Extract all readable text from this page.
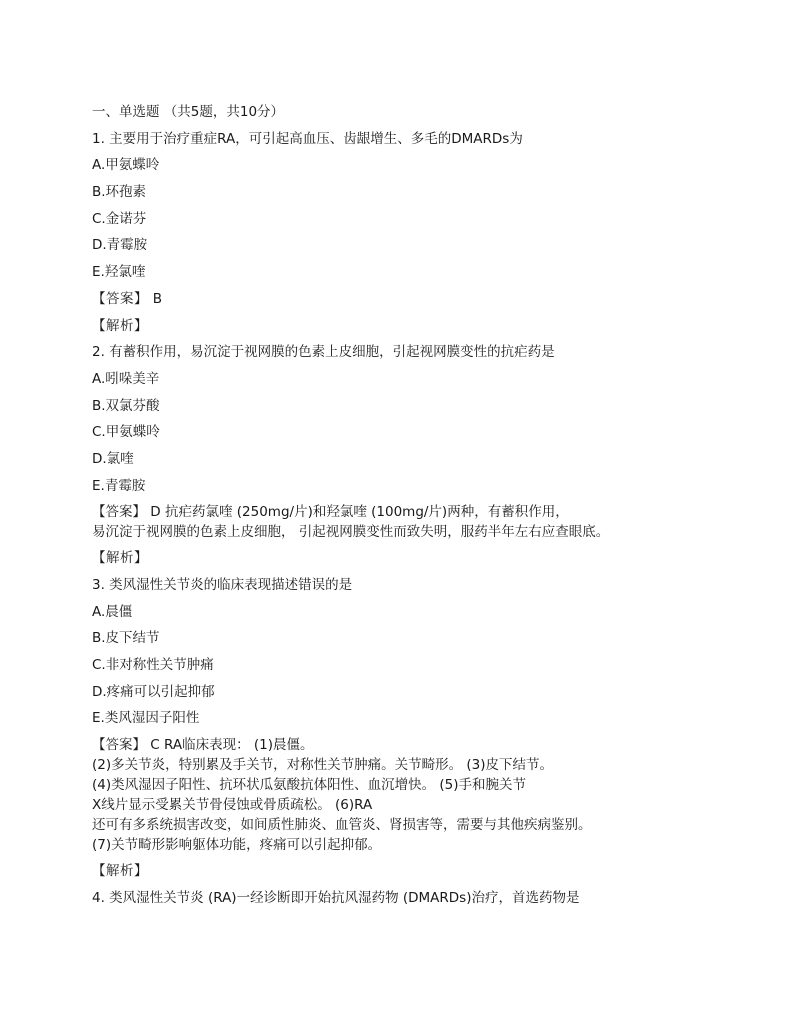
一、单选题 （共5题，共10分）
1. 主要用于治疗重症RA，可引起高血压、齿龈增生、多毛的DMARDs为
A.甲氨蝶呤
B.环孢素
C.金诺芬
D.青霉胺
E.羟氯喹
【答案】 B
【解析】
2. 有蓄积作用，易沉淀于视网膜的色素上皮细胞，引起视网膜变性的抗疟药是
A.吲哚美辛
B.双氯芬酸
C.甲氨蝶呤
D.氯喹
E.青霉胺
【答案】 D 抗疟药氯喹 (250mg/片)和羟氯喹 (100mg/片)两种，有蓄积作用，
易沉淀于视网膜的色素上皮细胞， 引起视网膜变性而致失明，服药半年左右应查眼底。
【解析】
3. 类风湿性关节炎的临床表现描述错误的是
A.晨僵
B.皮下结节
C.非对称性关节肿痛
D.疼痛可以引起抑郁
E.类风湿因子阳性
【答案】 C RA临床表现： (1)晨僵。
(2)多关节炎，特别累及手关节，对称性关节肿痛。关节畸形。 (3)皮下结节。
(4)类风湿因子阳性、抗环状瓜氨酸抗体阳性、血沉增快。 (5)手和腕关节
X线片显示受累关节骨侵蚀或骨质疏松。 (6)RA
还可有多系统损害改变，如间质性肺炎、血管炎、肾损害等，需要与其他疾病鉴别。
(7)关节畸形影响躯体功能，疼痛可以引起抑郁。
【解析】
4. 类风湿性关节炎 (RA)一经诊断即开始抗风湿药物 (DMARDs)治疗，首选药物是
